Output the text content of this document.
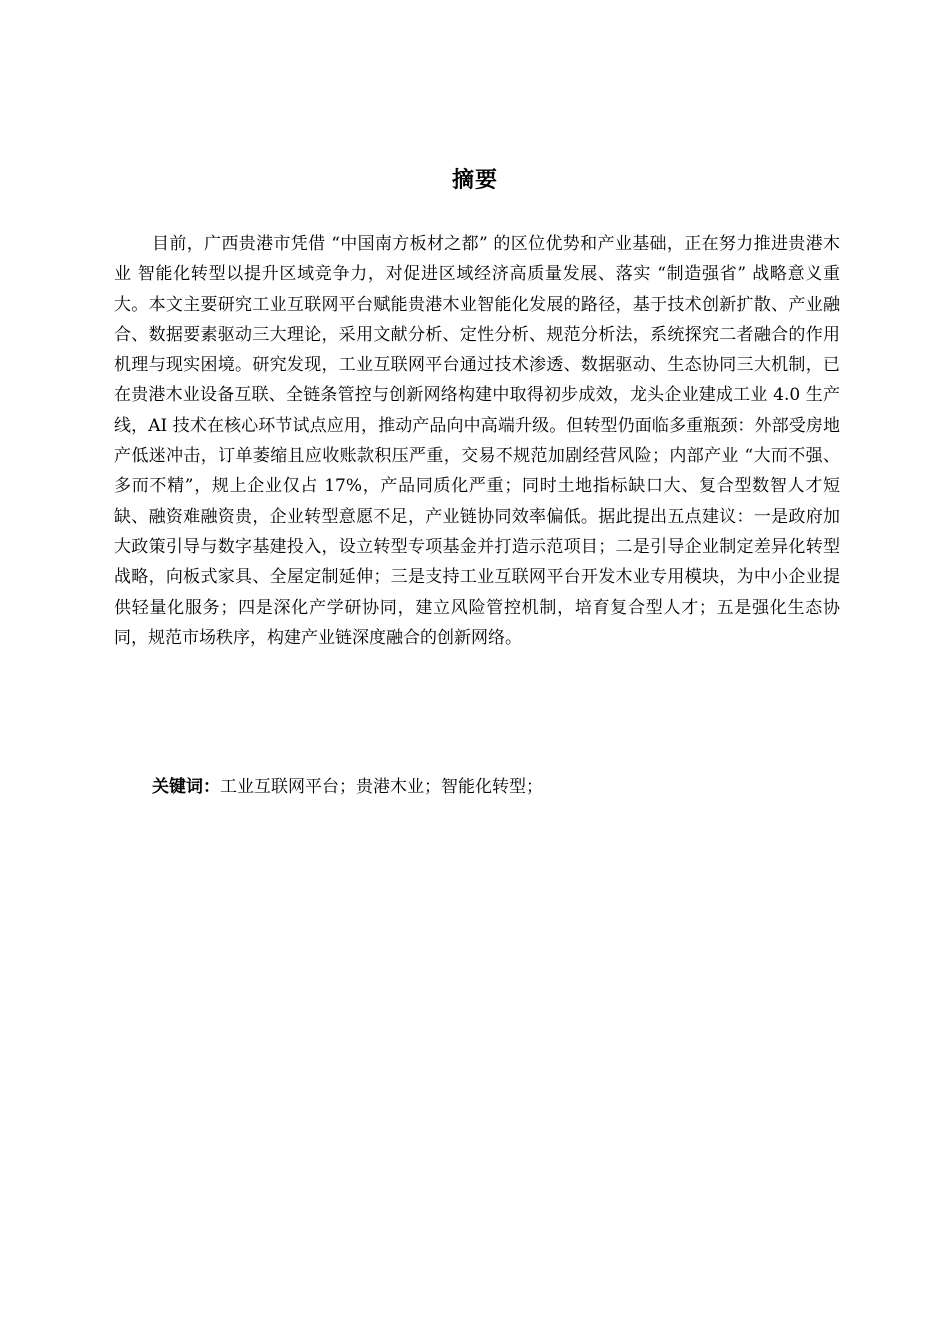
摘要

目前，广西贵港市凭借 “中国南方板材之都” 的区位优势和产业基础，正在努力推进贵港木业 智能化转型以提升区域竞争力，对促进区域经济高质量发展、落实 “制造强省” 战略意义重大。本文主要研究工业互联网平台赋能贵港木业智能化发展的路径，基于技术创新扩散、产业融合、数据要素驱动三大理论，采用文献分析、定性分析、规范分析法，系统探究二者融合的作用机理与现实困境。研究发现，工业互联网平台通过技术渗透、数据驱动、生态协同三大机制，已在贵港木业设备互联、全链条管控与创新网络构建中取得初步成效，龙头企业建成工业 4.0 生产线，AI 技术在核心环节试点应用，推动产品向中高端升级。但转型仍面临多重瓶颈：外部受房地产低迷冲击，订单萎缩且应收账款积压严重，交易不规范加剧经营风险；内部产业 “大而不强、多而不精”，规上企业仅占 17%，产品同质化严重；同时土地指标缺口大、复合型数智人才短缺、融资难融资贵，企业转型意愿不足，产业链协同效率偏低。据此提出五点建议：一是政府加大政策引导与数字基建投入，设立转型专项基金并打造示范项目；二是引导企业制定差异化转型战略，向板式家具、全屋定制延伸；三是支持工业互联网平台开发木业专用模块，为中小企业提供轻量化服务；四是深化产学研协同，建立风险管控机制，培育复合型人才；五是强化生态协同，规范市场秩序，构建产业链深度融合的创新网络。

关键词：工业互联网平台；贵港木业；智能化转型；
